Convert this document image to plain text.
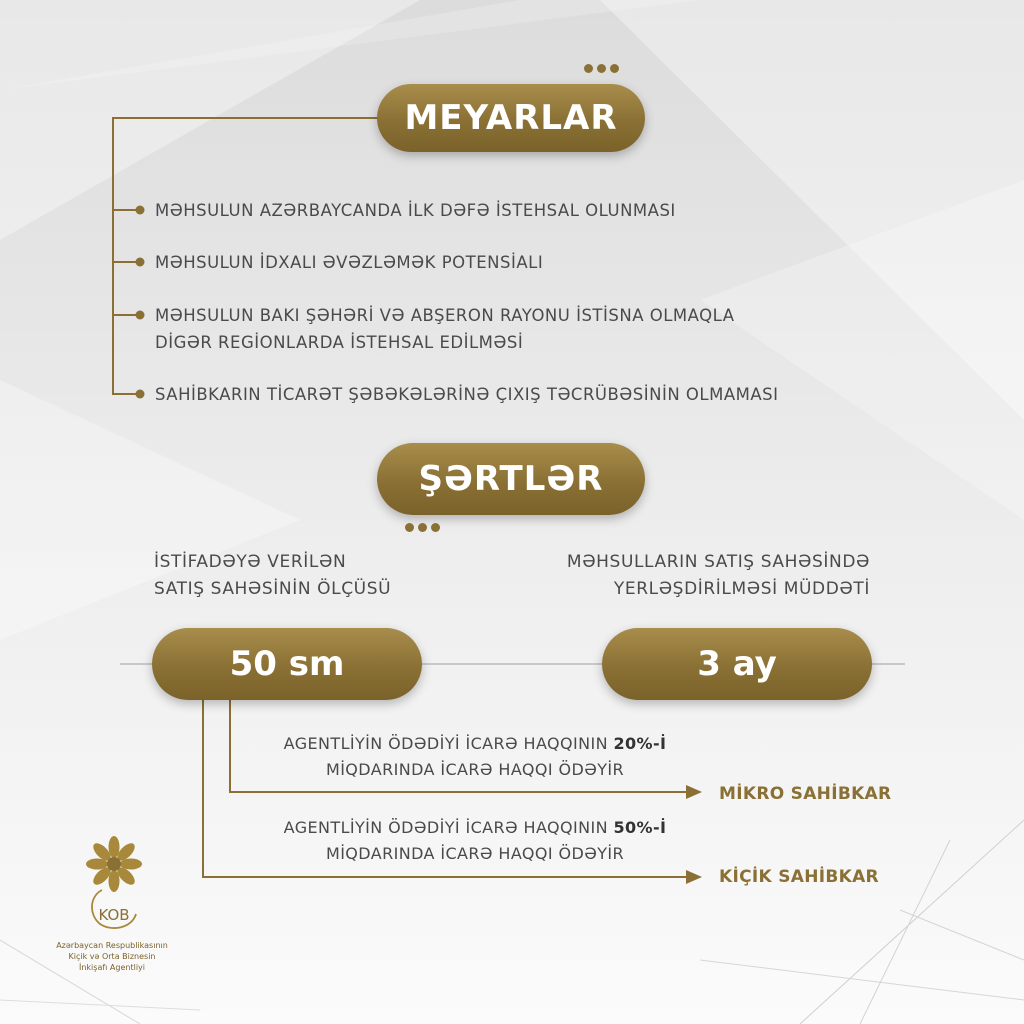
MEYARLAR
MƏHSULUN AZƏRBAYCANDA İLK DƏFƏ İSTEHSAL OLUNMASI
MƏHSULUN İDXALI ƏVƏZLƏMƏK POTENSİALI
MƏHSULUN BAKI ŞƏHƏRİ VƏ ABŞERON RAYONU İSTİSNA OLMAQLA
DİGƏR REGİONLARDA İSTEHSAL EDİLMƏSİ
SAHİBKARIN TİCARƏT ŞƏBƏKƏLƏRİNƏ ÇIXIŞ TƏCRÜBƏSİNİN OLMAMASI
ŞƏRTLƏR
İSTİFADƏYƏ VERİLƏN
SATIŞ SAHƏSİNİN ÖLÇÜSÜ
MƏHSULLARIN SATIŞ SAHƏSİNDƏ
YERLƏŞDİRİLMƏSİ MÜDDƏTİ
50 sm	3 ay
AGENTLİYİN ÖDƏDİYİ İCARƏ HAQQININ 20%-İ
MİQDARINDA İCARƏ HAQQI ÖDƏYİR
MİKRO SAHİBKAR
AGENTLİYİN ÖDƏDİYİ İCARƏ HAQQININ 50%-İ
MİQDARINDA İCARƏ HAQQI ÖDƏYİR
KİÇİK SAHİBKAR
KOB
Azərbaycan Respublikasının
Kiçik və Orta Biznesin
İnkişafı Agentliyi
